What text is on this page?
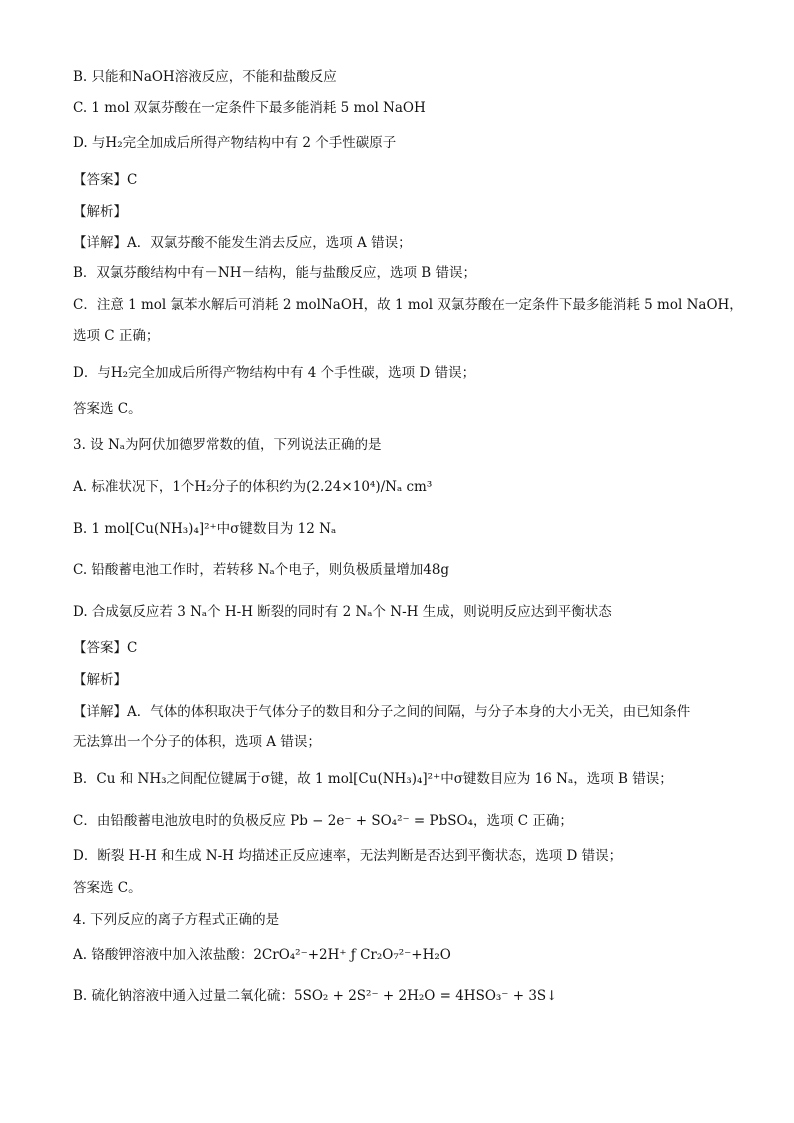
B. 只能和NaOH溶液反应，不能和盐酸反应
C. 1 mol 双氯芬酸在一定条件下最多能消耗 5 mol NaOH
D. 与H₂完全加成后所得产物结构中有 2 个手性碳原子
【答案】C
【解析】
【详解】A．双氯芬酸不能发生消去反应，选项 A 错误；
B．双氯芬酸结构中有－NH－结构，能与盐酸反应，选项 B 错误；
C．注意 1 mol 氯苯水解后可消耗 2 molNaOH，故 1 mol 双氯芬酸在一定条件下最多能消耗 5 mol NaOH，
选项 C 正确；
D．与H₂完全加成后所得产物结构中有 4 个手性碳，选项 D 错误；
答案选 C。
3. 设 Nₐ为阿伏加德罗常数的值，下列说法正确的是
A. 标准状况下，1个H₂分子的体积约为(2.24×10⁴)/Nₐ cm³
B. 1 mol[Cu(NH₃)₄]²⁺中σ键数目为 12 Nₐ
C. 铅酸蓄电池工作时，若转移 Nₐ个电子，则负极质量增加48g
D. 合成氨反应若 3 Nₐ个 H-H 断裂的同时有 2 Nₐ个 N-H 生成，则说明反应达到平衡状态
【答案】C
【解析】
【详解】A．气体的体积取决于气体分子的数目和分子之间的间隔，与分子本身的大小无关，由已知条件
无法算出一个分子的体积，选项 A 错误；
B．Cu 和 NH₃之间配位键属于σ键，故 1 mol[Cu(NH₃)₄]²⁺中σ键数目应为 16 Nₐ，选项 B 错误；
C．由铅酸蓄电池放电时的负极反应 Pb − 2e⁻ + SO₄²⁻ = PbSO₄，选项 C 正确；
D．断裂 H-H 和生成 N-H 均描述正反应速率，无法判断是否达到平衡状态，选项 D 错误；
答案选 C。
4. 下列反应的离子方程式正确的是
A. 铬酸钾溶液中加入浓盐酸：2CrO₄²⁻+2H⁺ ƒ Cr₂O₇²⁻+H₂O
B. 硫化钠溶液中通入过量二氧化硫：5SO₂ + 2S²⁻ + 2H₂O = 4HSO₃⁻ + 3S↓
